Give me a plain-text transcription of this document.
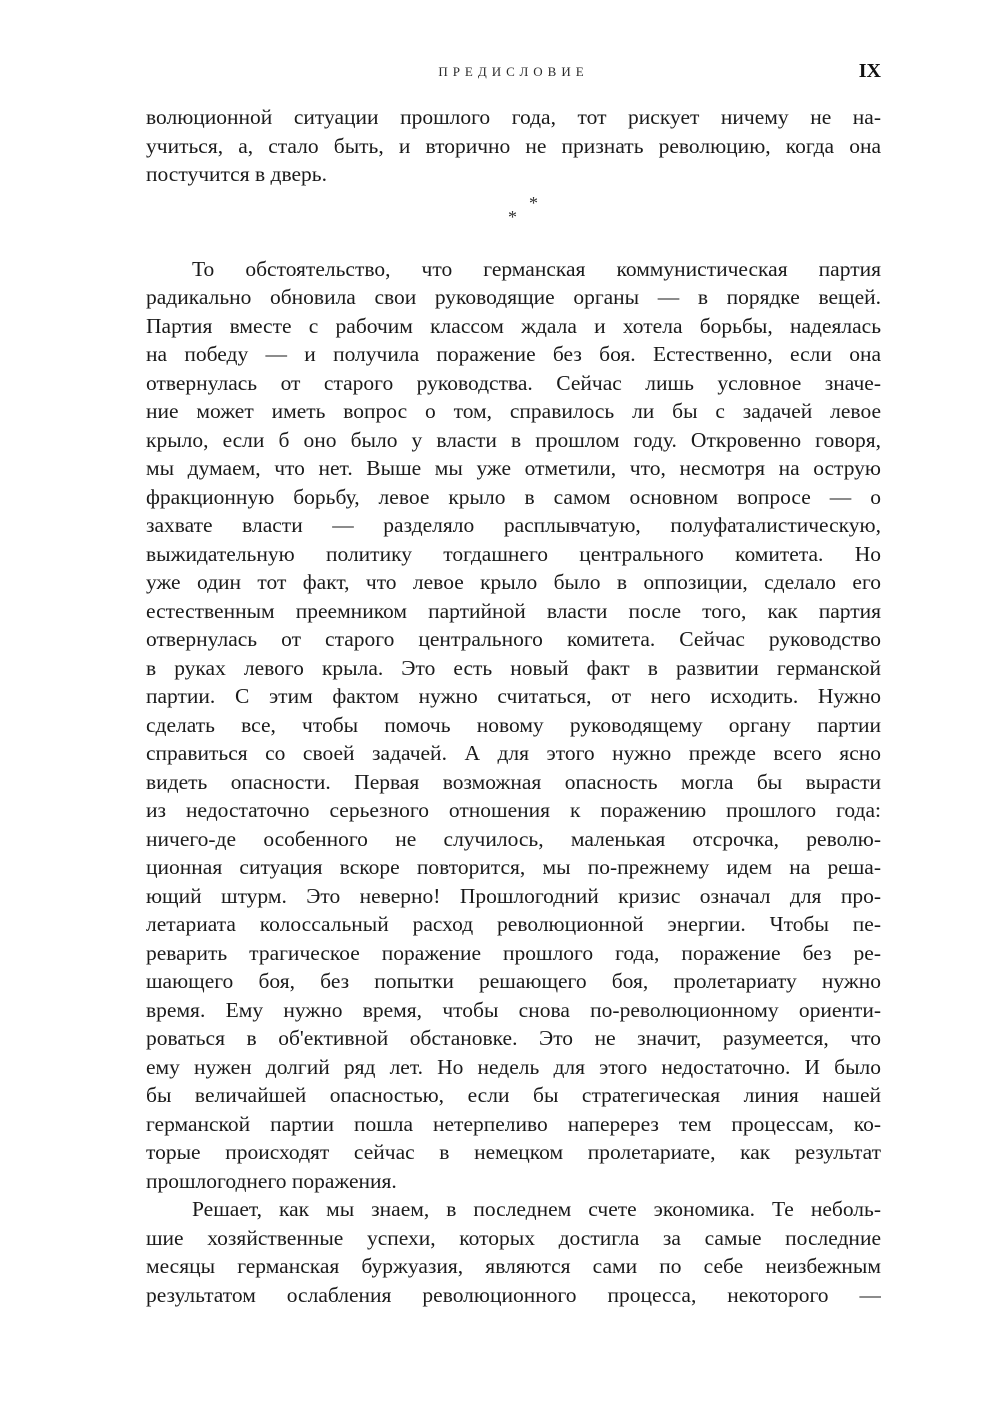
ПРЕДИСЛОВИЕ	IX
волюционной ситуации прошлого года, тот рискует ничему не на-
учиться, а, стало быть, и вторично не признать революцию, когда она
постучится в дверь.
*
*
То обстоятельство, что германская коммунистическая партия
радикально обновила свои руководящие органы — в порядке вещей.
Партия вместе с рабочим классом ждала и хотела борьбы, надеялась
на победу — и получила поражение без боя. Естественно, если она
отвернулась от старого руководства. Сейчас лишь условное значе-
ние может иметь вопрос о том, справилось ли бы с задачей левое
крыло, если б оно было у власти в прошлом году. Откровенно говоря,
мы думаем, что нет. Выше мы уже отметили, что, несмотря на острую
фракционную борьбу, левое крыло в самом основном вопросе — о
захвате власти — разделяло расплывчатую, полуфаталистическую,
выжидательную политику тогдашнего центрального комитета. Но
уже один тот факт, что левое крыло было в оппозиции, сделало его
естественным преемником партийной власти после того, как партия
отвернулась от старого центрального комитета. Сейчас руководство
в руках левого крыла. Это есть новый факт в развитии германской
партии. С этим фактом нужно считаться, от него исходить. Нужно
сделать все, чтобы помочь новому руководящему органу партии
справиться со своей задачей. А для этого нужно прежде всего ясно
видеть опасности. Первая возможная опасность могла бы вырасти
из недостаточно серьезного отношения к поражению прошлого года:
ничего-де особенного не случилось, маленькая отсрочка, револю-
ционная ситуация вскоре повторится, мы по-прежнему идем на реша-
ющий штурм. Это неверно! Прошлогодний кризис означал для про-
летариата колоссальный расход революционной энергии. Чтобы пе-
реварить трагическое поражение прошлого года, поражение без ре-
шающего боя, без попытки решающего боя, пролетариату нужно
время. Ему нужно время, чтобы снова по-революционному ориенти-
роваться в об'ективной обстановке. Это не значит, разумеется, что
ему нужен долгий ряд лет. Но недель для этого недостаточно. И было
бы величайшей опасностью, если бы стратегическая линия нашей
германской партии пошла нетерпеливо наперерез тем процессам, ко-
торые происходят сейчас в немецком пролетариате, как результат
прошлогоднего поражения.
Решает, как мы знаем, в последнем счете экономика. Те неболь-
шие хозяйственные успехи, которых достигла за самые последние
месяцы германская буржуазия, являются сами по себе неизбежным
результатом ослабления революционного процесса, некоторого —
